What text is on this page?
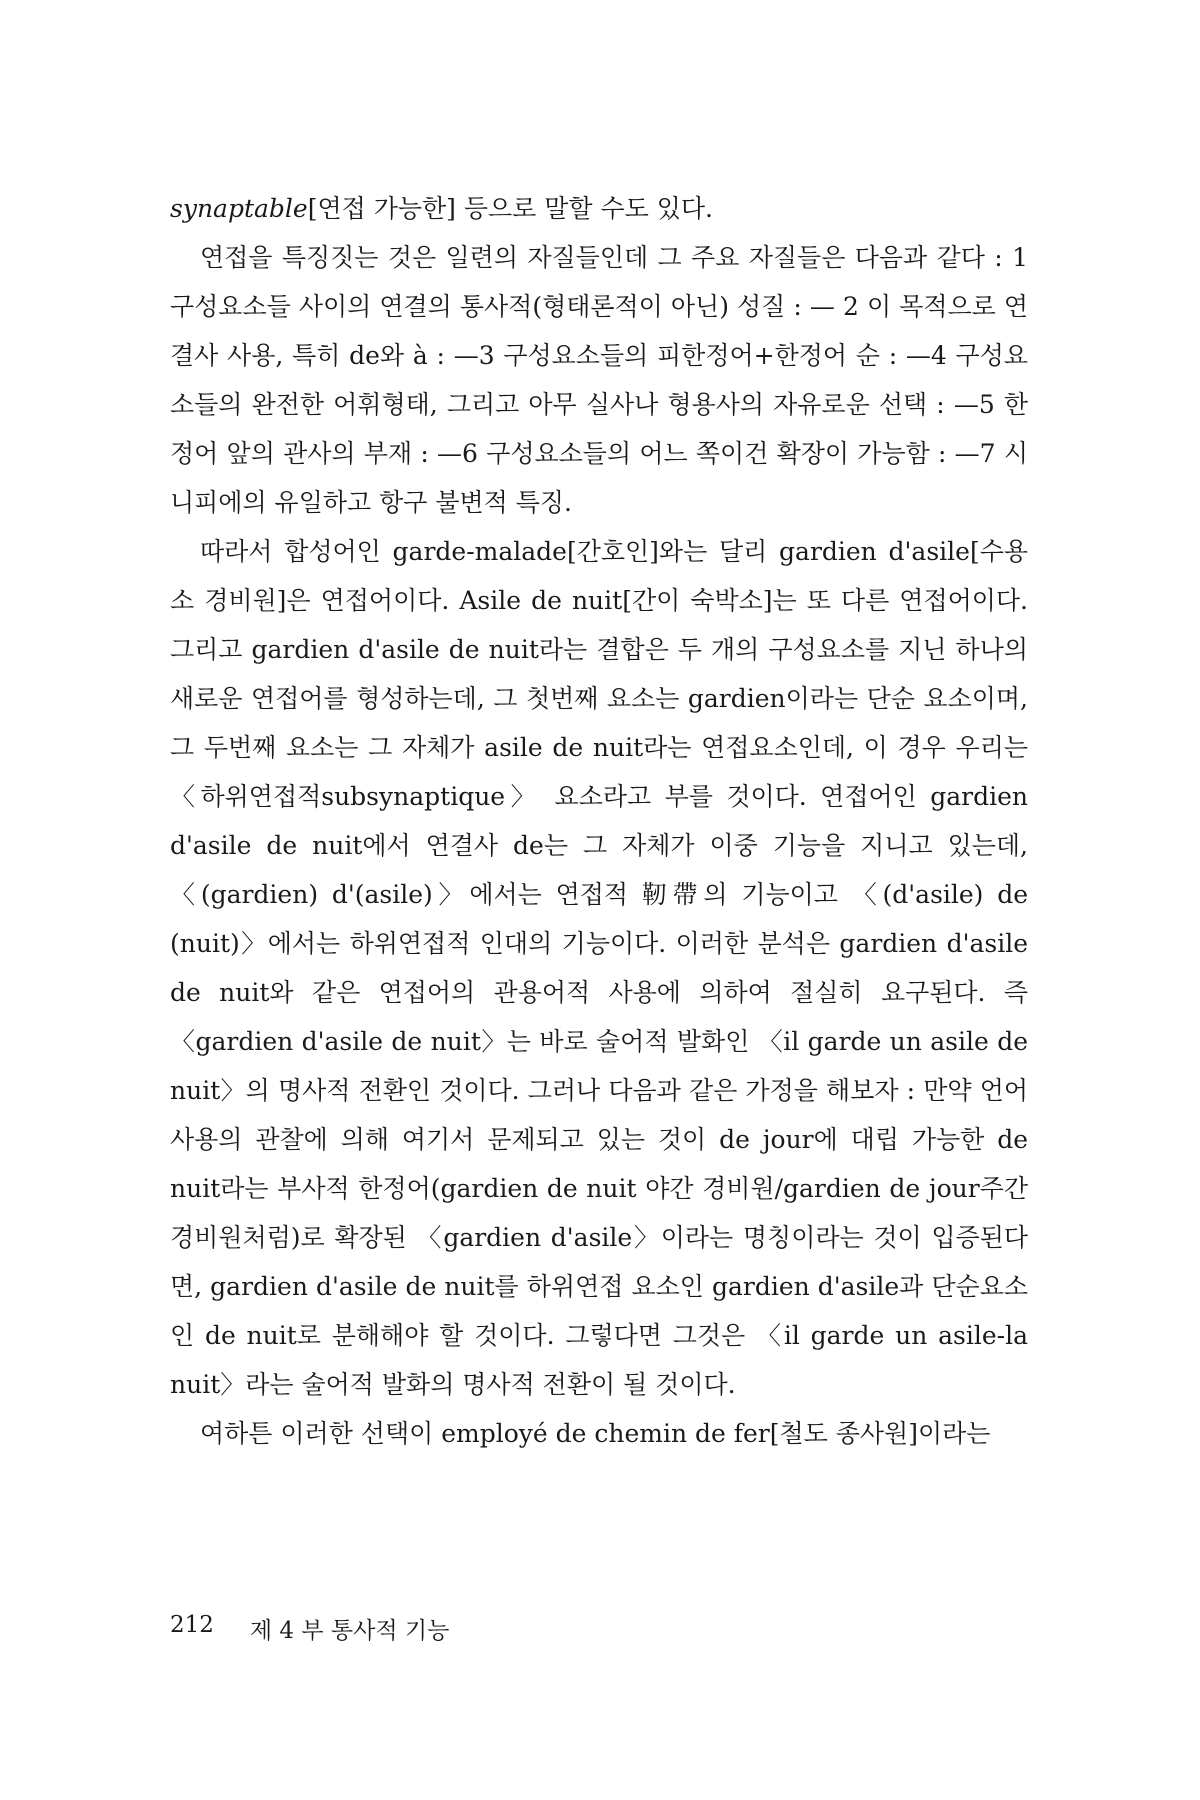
synaptable[연접 가능한] 등으로 말할 수도 있다.

연접을 특징짓는 것은 일련의 자질들인데 그 주요 자질들은 다음과 같다 : 1 구성요소들 사이의 연결의 통사적(형태론적이 아닌) 성질 : — 2 이 목적으로 연결사 사용, 특히 de와 à : —3 구성요소들의 피한정어+한정어 순 : —4 구성요소들의 완전한 어휘형태, 그리고 아무 실사나 형용사의 자유로운 선택 : —5 한정어 앞의 관사의 부재 : —6 구성요소들의 어느 쪽이건 확장이 가능함 : —7 시니피에의 유일하고 항구 불변적 특징.

따라서 합성어인 garde-malade[간호인]와는 달리 gardien d'asile[수용소 경비원]은 연접어이다. Asile de nuit[간이 숙박소]는 또 다른 연접어이다. 그리고 gardien d'asile de nuit라는 결합은 두 개의 구성요소를 지닌 하나의 새로운 연접어를 형성하는데, 그 첫번째 요소는 gardien이라는 단순 요소이며, 그 두번째 요소는 그 자체가 asile de nuit라는 연접요소인데, 이 경우 우리는 〈하위연접적subsynaptique〉 요소라고 부를 것이다. 연접어인 gardien d'asile de nuit에서 연결사 de는 그 자체가 이중 기능을 지니고 있는데, 〈(gardien) d'(asile)〉에서는 연접적 靭帶의 기능이고 〈(d'asile) de (nuit)〉에서는 하위연접적 인대의 기능이다. 이러한 분석은 gardien d'asile de nuit와 같은 연접어의 관용어적 사용에 의하여 절실히 요구된다. 즉 〈gardien d'asile de nuit〉는 바로 술어적 발화인 〈il garde un asile de nuit〉의 명사적 전환인 것이다. 그러나 다음과 같은 가정을 해보자 : 만약 언어사용의 관찰에 의해 여기서 문제되고 있는 것이 de jour에 대립 가능한 de nuit라는 부사적 한정어(gardien de nuit 야간 경비원/gardien de jour주간 경비원처럼)로 확장된 〈gardien d'asile〉이라는 명칭이라는 것이 입증된다면, gardien d'asile de nuit를 하위연접 요소인 gardien d'asile과 단순요소인 de nuit로 분해해야 할 것이다. 그렇다면 그것은 〈il garde un asile-la nuit〉라는 술어적 발화의 명사적 전환이 될 것이다.

여하튼 이러한 선택이 employé de chemin de fer[철도 종사원]이라는

212 제 4 부 통사적 기능
